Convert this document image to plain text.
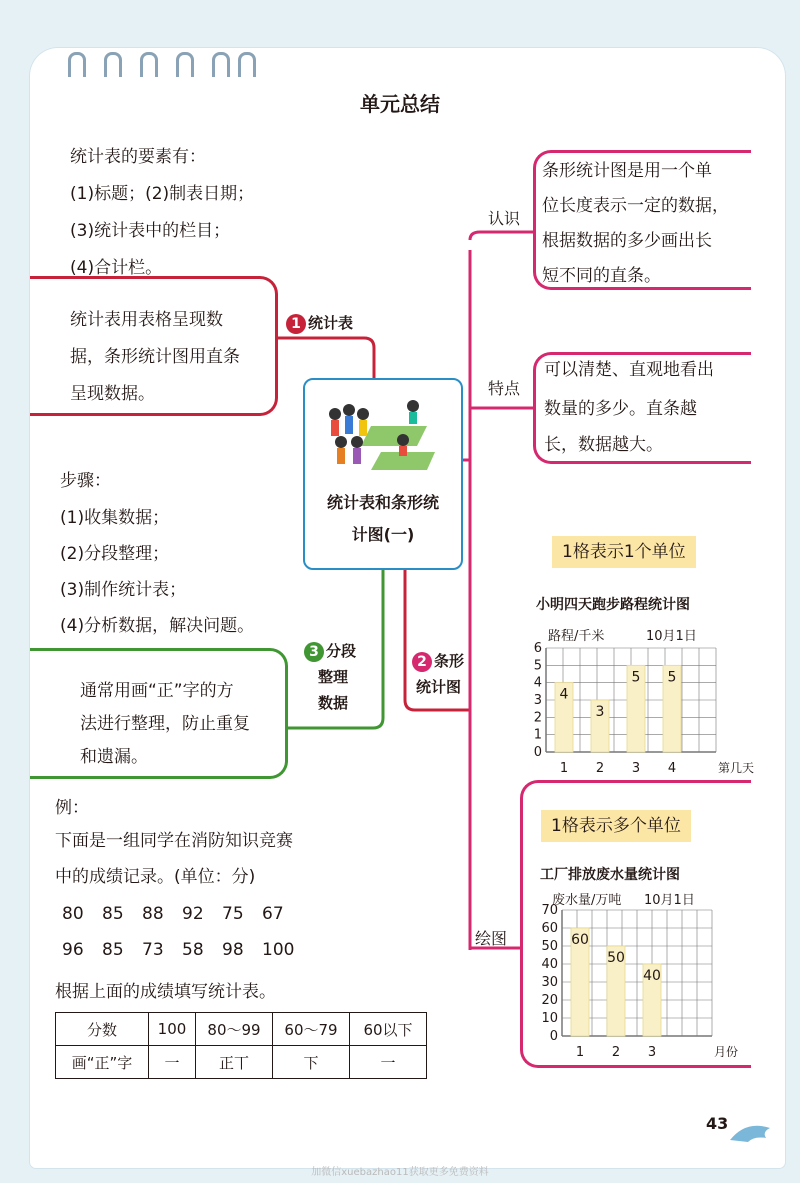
单元总结
统计表的要素有：
(1)标题；(2)制表日期；
(3)统计表中的栏目；
(4)合计栏。
统计表用表格呈现数
据，条形统计图用直条
呈现数据。
1 统计表
步骤：
(1)收集数据；
(2)分段整理；
(3)制作统计表；
(4)分析数据，解决问题。
通常用画“正”字的方
法进行整理，防止重复
和遗漏。
3 分段
整理
数据
2 条形
统计图
统计表和条形统
计图(一)
认识
条形统计图是用一个单
位长度表示一定的数据，
根据数据的多少画出长
短不同的直条。
特点
可以清楚、直观地看出
数量的多少。直条越
长，数据越大。
1格表示1个单位
1格表示多个单位
小明四天跑步路程统计图
路程/千米	10月1日
0
1
2
3
4
5
6
4
1
3
2
5
3
5
4	第几天
绘图
工厂排放废水量统计图
废水量/万吨 10月1日
0
10
20
30
40
50
60
70
60
1
50
2
40
3	月份
例：
下面是一组同学在消防知识竞赛
中的成绩记录。(单位：分)
80 85 88 92 75 67
96 85 73 58 98 100
根据上面的成绩填写统计表。
分数	100	80～99	60～79	60以下
画“正”字	一	正丅	下	一
43
加微信xuebazhao11获取更多免费资料
